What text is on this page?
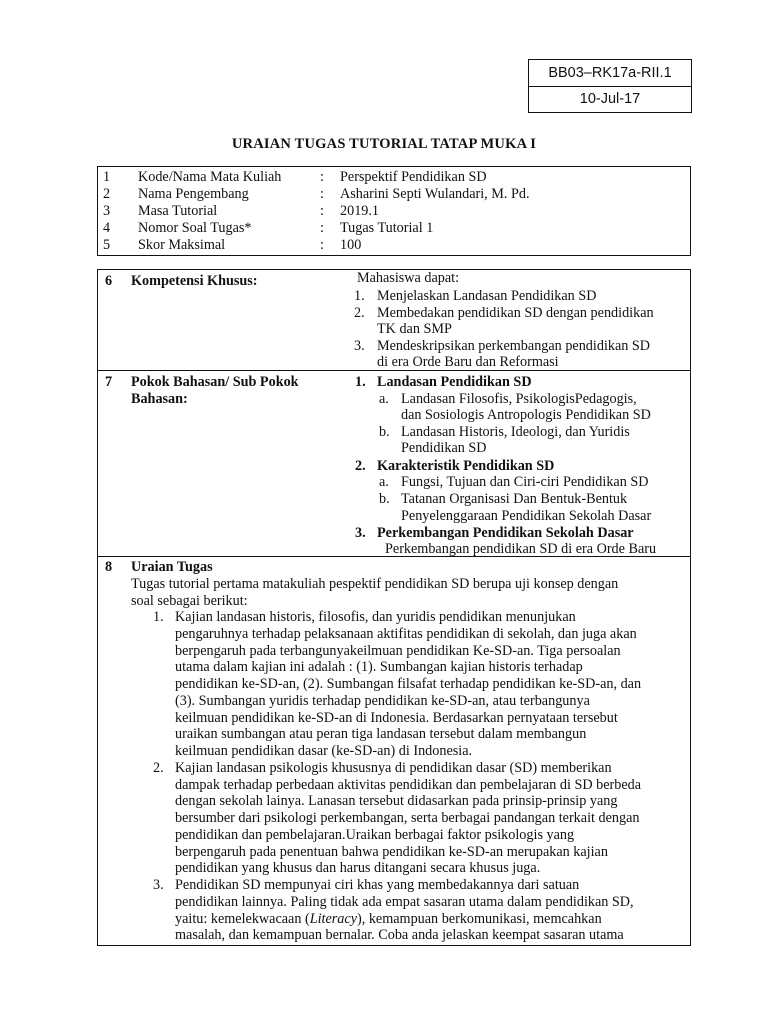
BB03–RK17a-RII.1
10-Jul-17
URAIAN TUGAS TUTORIAL TATAP MUKA I
1 Kode/Nama Mata Kuliah	: Perspektif Pendidikan SD
2 Nama Pengembang	: Asharini Septi Wulandari, M. Pd.
3 Masa Tutorial	: 2019.1
4 Nomor Soal Tugas*	: Tugas Tutorial 1
5 Skor Maksimal	: 100
6 Kompetensi Khusus:	Mahasiswa dapat:
1. Menjelaskan Landasan Pendidikan SD
2. Membedakan pendidikan SD dengan pendidikan
TK dan SMP
3. Mendeskripsikan perkembangan pendidikan SD
di era Orde Baru dan Reformasi
7 Pokok Bahasan/ Sub Pokok
Bahasan:
1. Landasan Pendidikan SD
a. Landasan Filosofis, PsikologisPedagogis,
dan Sosiologis Antropologis Pendidikan SD
b. Landasan Historis, Ideologi, dan Yuridis
Pendidikan SD
2. Karakteristik Pendidikan SD
a. Fungsi, Tujuan dan Ciri-ciri Pendidikan SD
b. Tatanan Organisasi Dan Bentuk-Bentuk
Penyelenggaraan Pendidikan Sekolah Dasar
3. Perkembangan Pendidikan Sekolah Dasar
Perkembangan pendidikan SD di era Orde Baru
8 Uraian Tugas
Tugas tutorial pertama matakuliah pespektif pendidikan SD berupa uji konsep dengan
soal sebagai berikut:
1. Kajian landasan historis, filosofis, dan yuridis pendidikan menunjukan
pengaruhnya terhadap pelaksanaan aktifitas pendidikan di sekolah, dan juga akan
berpengaruh pada terbangunyakeilmuan pendidikan Ke-SD-an. Tiga persoalan
utama dalam kajian ini adalah : (1). Sumbangan kajian historis terhadap
pendidikan ke-SD-an, (2). Sumbangan filsafat terhadap pendidikan ke-SD-an, dan
(3). Sumbangan yuridis terhadap pendidikan ke-SD-an, atau terbangunya
keilmuan pendidikan ke-SD-an di Indonesia. Berdasarkan pernyataan tersebut
uraikan sumbangan atau peran tiga landasan tersebut dalam membangun
keilmuan pendidikan dasar (ke-SD-an) di Indonesia.
2. Kajian landasan psikologis khususnya di pendidikan dasar (SD) memberikan
dampak terhadap perbedaan aktivitas pendidikan dan pembelajaran di SD berbeda
dengan sekolah lainya. Lanasan tersebut didasarkan pada prinsip-prinsip yang
bersumber dari psikologi perkembangan, serta berbagai pandangan terkait dengan
pendidikan dan pembelajaran.Uraikan berbagai faktor psikologis yang
berpengaruh pada penentuan bahwa pendidikan ke-SD-an merupakan kajian
pendidikan yang khusus dan harus ditangani secara khusus juga.
3. Pendidikan SD mempunyai ciri khas yang membedakannya dari satuan
pendidikan lainnya. Paling tidak ada empat sasaran utama dalam pendidikan SD,
yaitu: kemelekwacaan (Literacy), kemampuan berkomunikasi, memcahkan
masalah, dan kemampuan bernalar. Coba anda jelaskan keempat sasaran utama
